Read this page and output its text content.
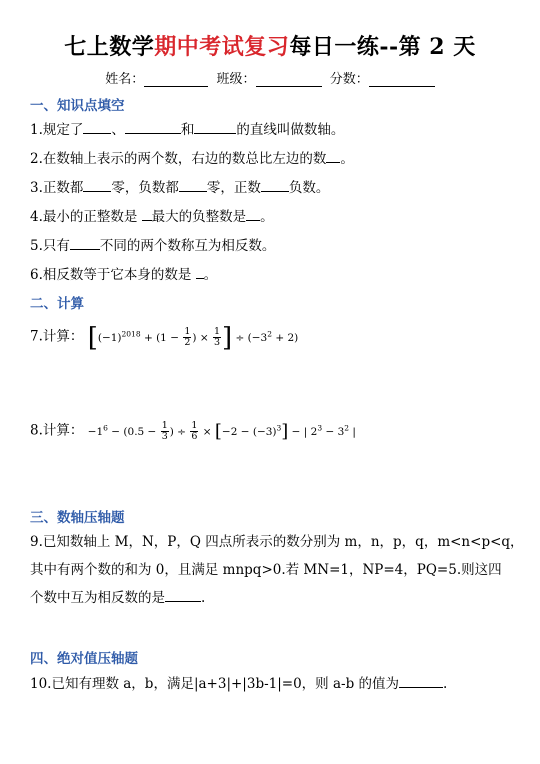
七上数学期中考试复习每日一练--第 2 天
姓名：	班级：	分数：
一、知识点填空
1.规定了 、	和	的直线叫做数轴。
2.在数轴上表示的两个数，右边的数总比左边的数 。
3.正数都 零，负数都 零，正数 负数。
4.最小的正整数是 最大的负整数是 。
5.只有 不同的两个数称互为相反数。
6.相反数等于它本身的数是 。
二、计算
7.计算： [$(-1)^{2018} + (1 - \frac{1}{2}$ ) × $\frac{1}{3}$ ] ÷ $(-3^2 + 2)$
8.计算： $-1^6 - (0.5 - \frac{1}{3}$ ) ÷ $\frac{1}{6} \times [-2 - (-3)^3]$ − | $2^3 - 3^2$ |
三、数轴压轴题
9.已知数轴上 M，N，P，Q 四点所表示的数分别为 m，n，p，q，m<n<p<q，
其中有两个数的和为 0，且满足 mnpq>0.若 MN=1，NP=4，PQ=5.则这四
个数中互为相反数的是	.
四、绝对值压轴题
10.已知有理数 a，b，满足|a+3|+|3b-1|=0，则 a-b 的值为	.
